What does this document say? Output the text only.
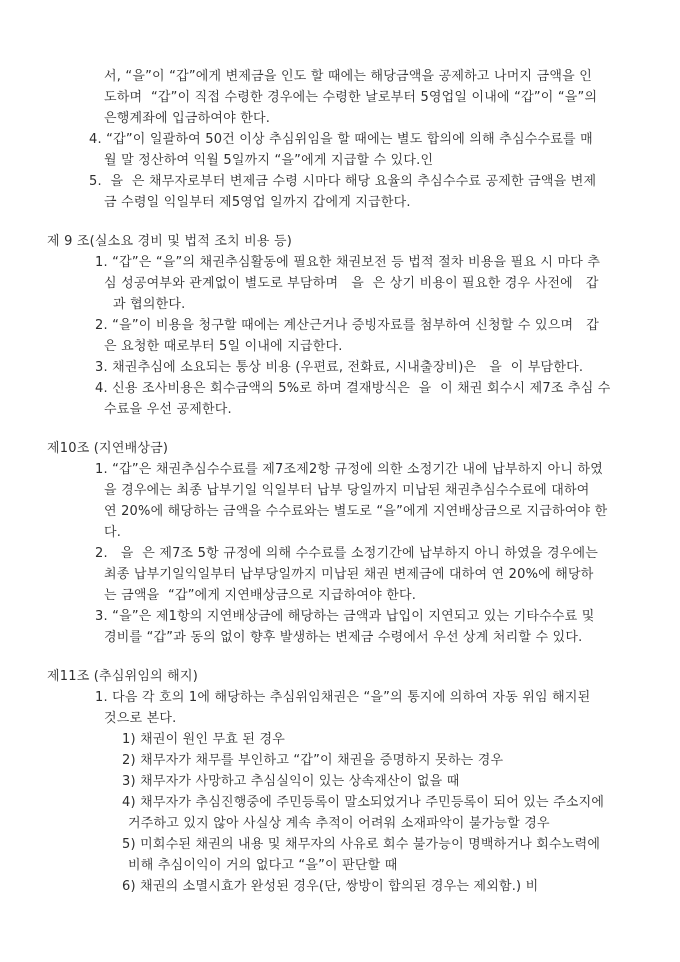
서, “을”이 “갑”에게 변제금을 인도 할 때에는 해당금액을 공제하고 나머지 금액을 인
도하며  “갑”이 직접 수령한 경우에는 수령한 날로부터 5영업일 이내에 “갑”이 “을”의
은행계좌에 입금하여야 한다.
4. “갑”이 일괄하여 50건 이상 추심위임을 할 때에는 별도 합의에 의해 추심수수료를 매
월 말 정산하여 익월 5일까지 “을”에게 지급할 수 있다.인
5.  을  은 채무자로부터 변제금 수령 시마다 해당 요율의 추심수수료 공제한 금액을 변제
금 수령일 익일부터 제5영업 일까지 갑에게 지급한다.
제 9 조(실소요 경비 및 법적 조치 비용 등)
1. “갑”은 “을”의 채권추심활동에 필요한 채권보전 등 법적 절차 비용을 필요 시 마다 추
심 성공여부와 관계없이 별도로 부담하며   을  은 상기 비용이 필요한 경우 사전에   갑
과 협의한다.
2. “을”이 비용을 청구할 때에는 계산근거나 증빙자료를 첨부하여 신청할 수 있으며   갑
은 요청한 때로부터 5일 이내에 지급한다.
3. 채권추심에 소요되는 통상 비용 (우편료, 전화료, 시내출장비)은   을  이 부담한다.
4. 신용 조사비용은 회수금액의 5%로 하며 결재방식은  을  이 채권 회수시 제7조 추심 수
수료을 우선 공제한다.
제10조 (지연배상금)
1. “갑”은 채권추심수수료를 제7조제2항 규정에 의한 소정기간 내에 납부하지 아니 하였
을 경우에는 최종 납부기일 익일부터 납부 당일까지 미납된 채권추심수수료에 대하여
연 20%에 해당하는 금액을 수수료와는 별도로 “을”에게 지연배상금으로 지급하여야 한
다.
2.   을  은 제7조 5항 규정에 의해 수수료를 소정기간에 납부하지 아니 하였을 경우에는
최종 납부기일익일부터 납부당일까지 미납된 채권 변제금에 대하여 연 20%에 해당하
는 금액을  “갑”에게 지연배상금으로 지급하여야 한다.
3. “을”은 제1항의 지연배상금에 해당하는 금액과 납입이 지연되고 있는 기타수수료 및
경비를 “갑”과 동의 없이 향후 발생하는 변제금 수령에서 우선 상계 처리할 수 있다.
제11조 (추심위임의 해지)
1. 다음 각 호의 1에 해당하는 추심위임채권은 “을”의 통지에 의하여 자동 위임 해지된
것으로 본다.
1) 채권이 원인 무효 된 경우
2) 채무자가 채무를 부인하고 “갑”이 채권을 증명하지 못하는 경우
3) 채무자가 사망하고 추심실익이 있는 상속재산이 없을 때
4) 채무자가 추심진행중에 주민등록이 말소되었거나 주민등록이 되어 있는 주소지에
거주하고 있지 않아 사실상 계속 추적이 어려워 소재파악이 불가능할 경우
5) 미회수된 채권의 내용 및 채무자의 사유로 회수 불가능이 명백하거나 회수노력에
비해 추심이익이 거의 없다고 “을”이 판단할 때
6) 채권의 소멸시효가 완성된 경우(단, 쌍방이 합의된 경우는 제외함.) 비
